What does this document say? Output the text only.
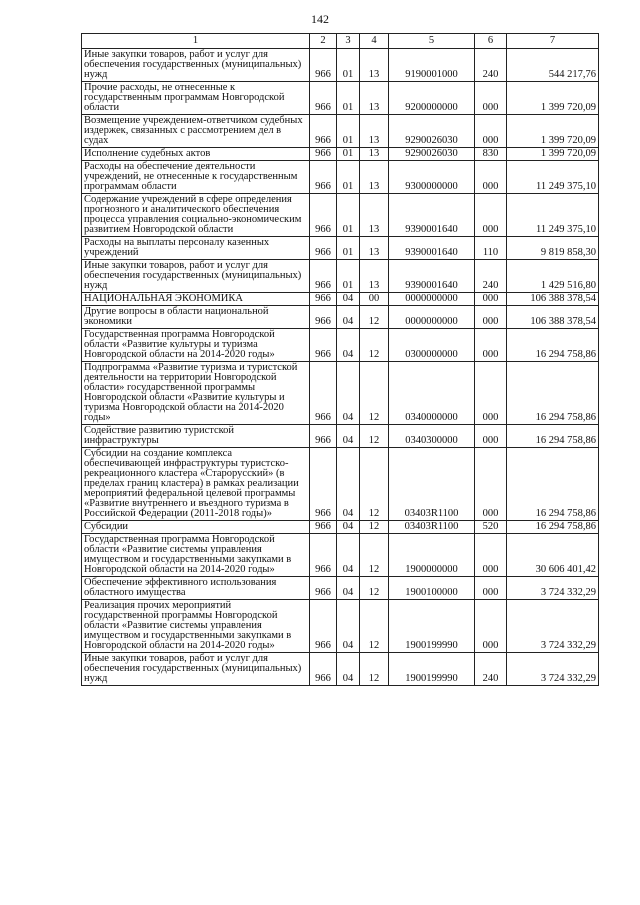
142
1	2	3	4	5	6	7
Иные закупки товаров, работ и услуг для обеспечения государственных (муниципальных) нужд	966	01	13	9190001000	240	544 217,76
Прочие расходы, не отнесенные к государственным программам Новгородской области	966	01	13	9200000000	000	1 399 720,09
Возмещение учреждением-ответчиком судебных издержек, связанных с рассмотрением дел в судах	966	01	13	9290026030	000	1 399 720,09
Исполнение судебных актов	966	01	13	9290026030	830	1 399 720,09
Расходы на обеспечение деятельности учреждений, не отнесенные к государственным программам области	966	01	13	9300000000	000	11 249 375,10
Содержание учреждений в сфере определения прогнозного и аналитического обеспечения процесса управления социально-экономическим развитием Новгородской области	966	01	13	9390001640	000	11 249 375,10
Расходы на выплаты персоналу казенных учреждений	966	01	13	9390001640	110	9 819 858,30
Иные закупки товаров, работ и услуг для обеспечения государственных (муниципальных) нужд	966	01	13	9390001640	240	1 429 516,80
НАЦИОНАЛЬНАЯ ЭКОНОМИКА	966	04	00	0000000000	000	106 388 378,54
Другие вопросы в области национальной экономики	966	04	12	0000000000	000	106 388 378,54
Государственная программа Новгородской области «Развитие культуры и туризма Новгородской области на 2014-2020 годы»	966	04	12	0300000000	000	16 294 758,86
Подпрограмма «Развитие туризма и туристской деятельности на территории Новгородской области» государственной программы Новгородской области «Развитие культуры и туризма Новгородской области на 2014-2020 годы»	966	04	12	0340000000	000	16 294 758,86
Содействие развитию туристской инфраструктуры	966	04	12	0340300000	000	16 294 758,86
Субсидии на создание комплекса обеспечивающей инфраструктуры туристско-рекреационного кластера «Старорусский» (в пределах границ кластера) в рамках реализации мероприятий федеральной целевой программы «Развитие внутреннего и въездного туризма в Российской Федерации (2011-2018 годы)»	966	04	12	03403R1100	000	16 294 758,86
Субсидии	966	04	12	03403R1100	520	16 294 758,86
Государственная программа Новгородской области «Развитие системы управления имуществом и государственными закупками в Новгородской области на 2014-2020 годы»	966	04	12	1900000000	000	30 606 401,42
Обеспечение эффективного использования областного имущества	966	04	12	1900100000	000	3 724 332,29
Реализация прочих мероприятий государственной программы Новгородской области «Развитие системы управления имуществом и государственными закупками в Новгородской области на 2014-2020 годы»	966	04	12	1900199990	000	3 724 332,29
Иные закупки товаров, работ и услуг для обеспечения государственных (муниципальных) нужд	966	04	12	1900199990	240	3 724 332,29
